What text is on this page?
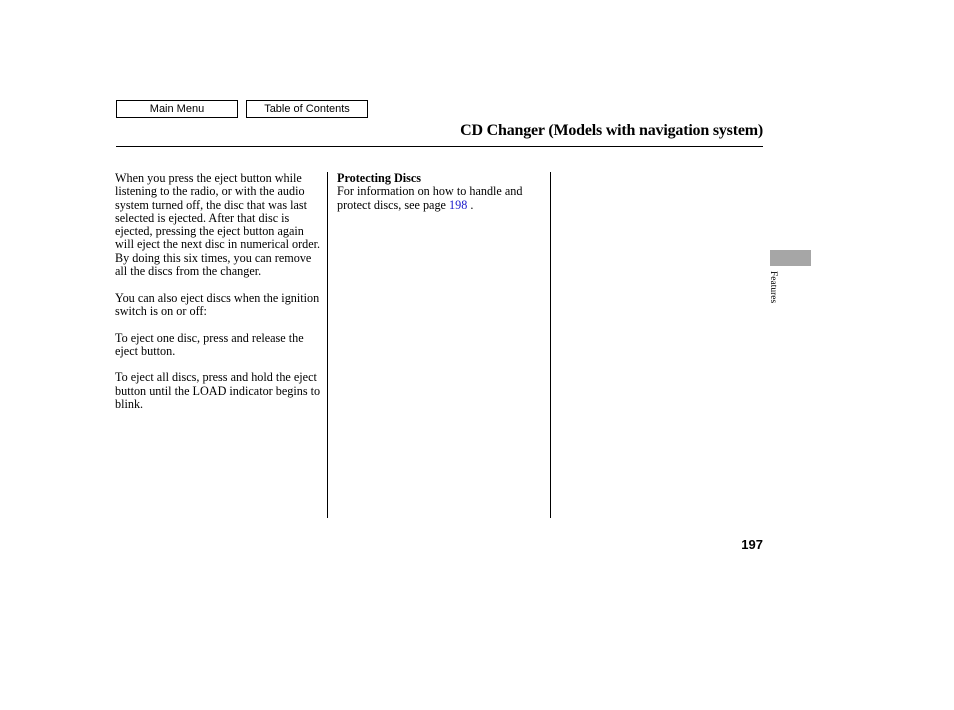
Main Menu	Table of Contents
CD Changer (Models with navigation system)

When you press the eject button while listening to the radio, or with the audio system turned off, the disc that was last selected is ejected. After that disc is ejected, pressing the eject button again will eject the next disc in numerical order. By doing this six times, you can remove all the discs from the changer.

You can also eject discs when the ignition switch is on or off:

To eject one disc, press and release the eject button.

To eject all discs, press and hold the eject button until the LOAD indicator begins to blink.

Protecting Discs
For information on how to handle and protect discs, see page 198 .
Features
197
